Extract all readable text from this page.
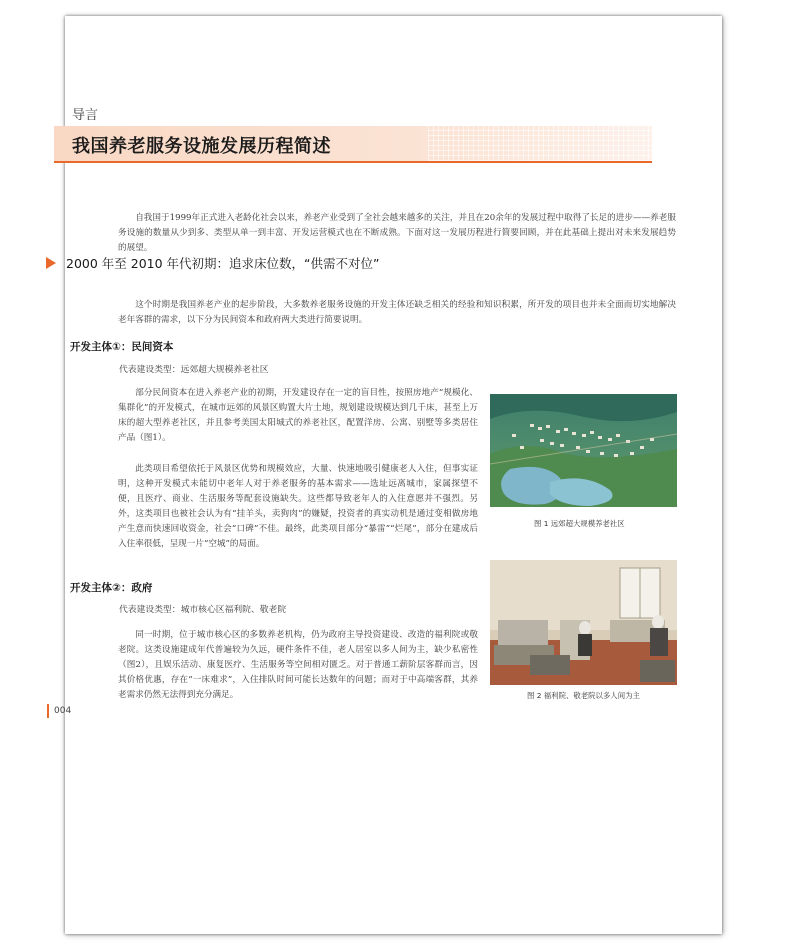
导言
我国养老服务设施发展历程简述

自我国于1999年正式进入老龄化社会以来，养老产业受到了全社会越来越多的关注，并且在20余年的发展过程中取得了长足的进步——养老服务设施的数量从少到多、类型从单一到丰富、开发运营模式也在不断成熟。下面对这一发展历程进行简要回顾，并在此基础上提出对未来发展趋势的展望。

2000 年至 2010 年代初期：追求床位数，“供需不对位”

这个时期是我国养老产业的起步阶段，大多数养老服务设施的开发主体还缺乏相关的经验和知识积累，所开发的项目也并未全面而切实地解决老年客群的需求，以下分为民间资本和政府两大类进行简要说明。

开发主体①：民间资本
代表建设类型：远郊超大规模养老社区

部分民间资本在进入养老产业的初期，开发建设存在一定的盲目性，按照房地产“规模化、集群化”的开发模式，在城市远郊的风景区购置大片土地，规划建设规模达到几千床，甚至上万床的超大型养老社区，并且参考美国太阳城式的养老社区，配置洋房、公寓、别墅等多类居住产品（图1）。

此类项目希望依托于风景区优势和规模效应，大量、快速地吸引健康老人入住，但事实证明，这种开发模式未能切中老年人对于养老服务的基本需求——选址远离城市，家属探望不便，且医疗、商业、生活服务等配套设施缺失。这些都导致老年人的入住意愿并不强烈。另外，这类项目也被社会认为有“挂羊头，卖狗肉”的嫌疑，投资者的真实动机是通过变相做房地产生意而快速回收资金，社会“口碑”不佳。最终，此类项目部分“暴雷”“烂尾”，部分在建成后入住率很低，呈现一片“空城”的局面。

开发主体②：政府
代表建设类型：城市核心区福利院、敬老院

同一时期，位于城市核心区的多数养老机构，仍为政府主导投资建设、改造的福利院或敬老院。这类设施建成年代普遍较为久远，硬件条件不佳，老人居室以多人间为主，缺少私密性（图2），且娱乐活动、康复医疗、生活服务等空间相对匮乏。对于普通工薪阶层客群而言，因其价格优惠，存在“一床难求”，入住排队时间可能长达数年的问题；而对于中高端客群，其养老需求仍然无法得到充分满足。

图 1 远郊超大规模养老社区
图 2 福利院、敬老院以多人间为主
004
